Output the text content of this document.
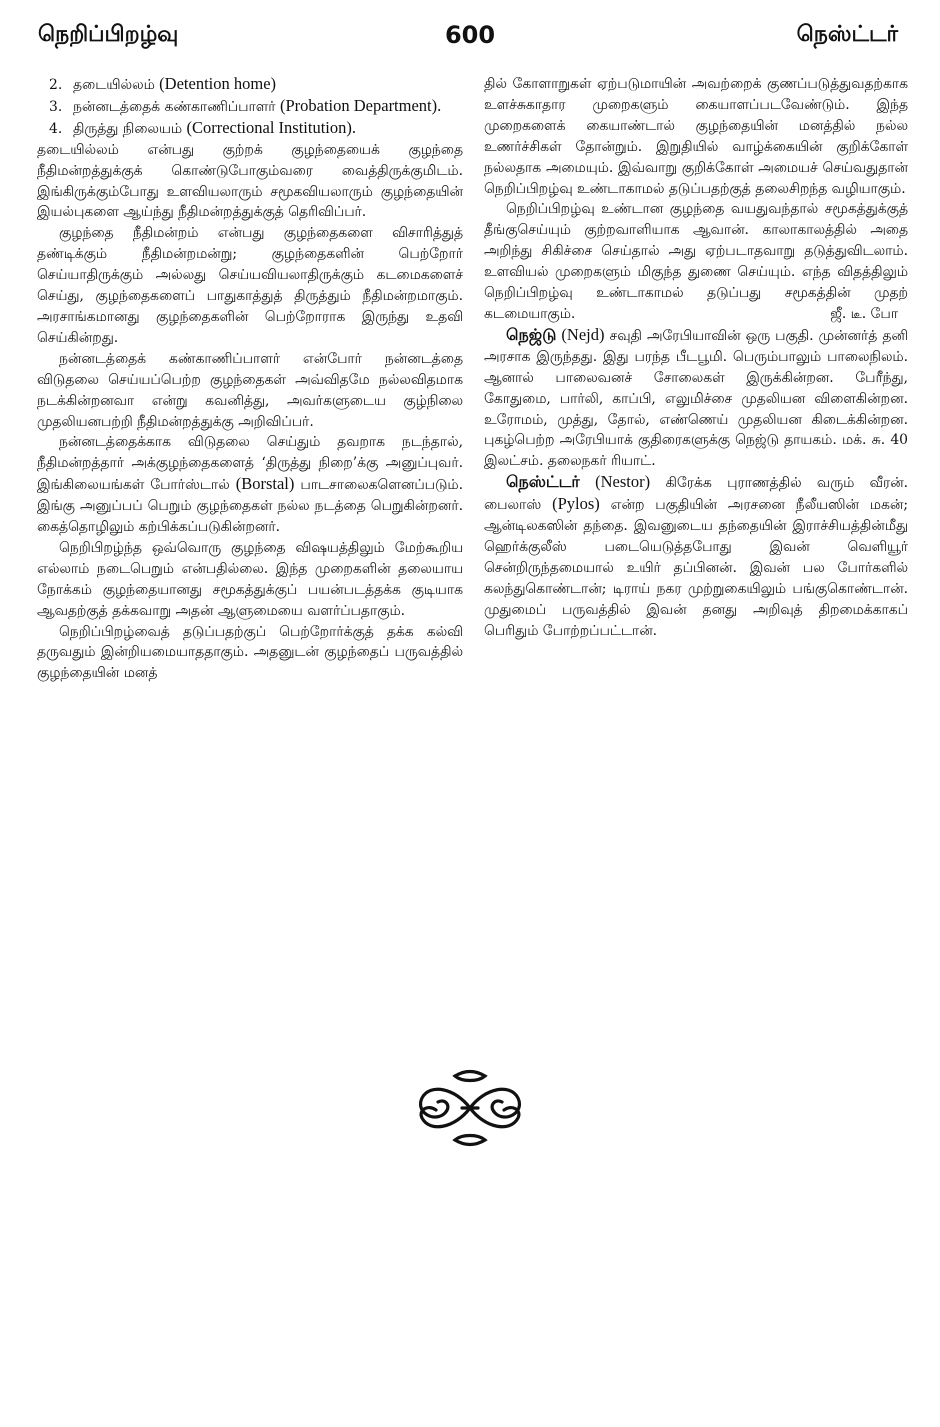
நெறிப்பிறழ்வு	600	நெஸ்ட்டர்

2. தடையில்லம் (Detention home)

3. நன்னடத்தைக் கண்காணிப்பாளர் (Probation Department).

4. திருத்து நிலையம் (Correctional Institution).

தடையில்லம் என்பது குற்றக் குழந்தையைக் குழந்தை நீதிமன்றத்துக்குக் கொண்டுபோகும்வரை வைத்திருக்குமிடம். இங்கிருக்கும்போது உளவியலாரும் சமூகவியலாரும் குழந்தையின் இயல்புகளை ஆய்ந்து நீதிமன்றத்துக்குத் தெரிவிப்பர்.

குழந்தை நீதிமன்றம் என்பது குழந்தைகளை விசாரித்துத் தண்டிக்கும் நீதிமன்றமன்று; குழந்தைகளின் பெற்றோர் செய்யாதிருக்கும் அல்லது செய்யவியலாதிருக்கும் கடமைகளைச் செய்து, குழந்தைகளைப் பாதுகாத்துத் திருத்தும் நீதிமன்றமாகும். அரசாங்கமானது குழந்தைகளின் பெற்றோராக இருந்து உதவி செய்கின்றது.

நன்னடத்தைக் கண்காணிப்பாளர் என்போர் நன்னடத்தை விடுதலை செய்யப்பெற்ற குழந்தைகள் அவ்விதமே நல்லவிதமாக நடக்கின்றனவா என்று கவனித்து, அவர்களுடைய குழ்நிலை முதலியனபற்றி நீதிமன்றத்துக்கு அறிவிப்பர்.

நன்னடத்தைக்காக விடுதலை செய்தும் தவறாக நடந்தால், நீதிமன்றத்தார் அக்குழந்தைகளைத் ‘திருத்து நிறை’க்கு அனுப்புவர். இங்கிலையங்கள் போர்ஸ்டால் (Borstal) பாடசாலைகளெனப்படும். இங்கு அனுப்பப் பெறும் குழந்தைகள் நல்ல நடத்தை பெறுகின்றனர். கைத்தொழிலும் கற்பிக்கப்படுகின்றனர்.

நெறிபிறழ்ந்த ஒவ்வொரு குழந்தை விஷயத்திலும் மேற்கூறிய எல்லாம் நடைபெறும் என்பதில்லை. இந்த முறைகளின் தலையாய நோக்கம் குழந்தையானது சமூகத்துக்குப் பயன்படத்தக்க குடியாக ஆவதற்குத் தக்கவாறு அதன் ஆளுமையை வளர்ப்பதாகும்.

நெறிப்பிறழ்வைத் தடுப்பதற்குப் பெற்றோர்க்குத் தக்க கல்வி தருவதும் இன்றியமையாததாகும். அதனுடன் குழந்தைப் பருவத்தில் குழந்தையின் மனத்

தில் கோளாறுகள் ஏற்படுமாயின் அவற்றைக் குணப்படுத்துவதற்காக உளச்சுகாதார முறைகளும் கையாளப்படவேண்டும். இந்த முறைகளைக் கையாண்டால் குழந்தையின் மனத்தில் நல்ல உணர்ச்சிகள் தோன்றும். இறுதியில் வாழ்க்கையின் குறிக்கோள் நல்லதாக அமையும். இவ்வாறு குறிக்கோள் அமையச் செய்வதுதான் நெறிப்பிறழ்வு உண்டாகாமல் தடுப்பதற்குத் தலைசிறந்த வழியாகும்.

நெறிப்பிறழ்வு உண்டான குழந்தை வயதுவந்தால் சமூகத்துக்குத் தீங்குசெய்யும் குற்றவாளியாக ஆவான். காலாகாலத்தில் அதை அறிந்து சிகிச்சை செய்தால் அது ஏற்படாதவாறு தடுத்துவிடலாம். உளவியல் முறைகளும் மிகுந்த துணை செய்யும். எந்த விதத்திலும் நெறிப்பிறழ்வு உண்டாகாமல் தடுப்பது சமூகத்தின் முதற் கடமையாகும்.	ஜீ. டீ. போ

நெஜ்டு (Nejd) சவுதி அரேபியாவின் ஒரு பகுதி. முன்னர்த் தனி அரசாக இருந்தது. இது பரந்த பீடபூமி. பெரும்பாலும் பாலைநிலம். ஆனால் பாலைவனச் சோலைகள் இருக்கின்றன. பேரீந்து, கோதுமை, பார்லி, காப்பி, எலுமிச்சை முதலியன விளைகின்றன. உரோமம், முத்து, தோல், எண்ணெய் முதலியன கிடைக்கின்றன. புகழ்பெற்ற அரேபியாக் குதிரைகளுக்கு நெஜ்டு தாயகம். மக். சு. 40 இலட்சம். தலைநகர் ரியாட்.

நெஸ்ட்டர் (Nestor) கிரேக்க புராணத்தில் வரும் வீரன். பைலாஸ் (Pylos) என்ற பகுதியின் அரசனை நீலீயஸின் மகன்; ஆன்டிலகஸின் தந்தை. இவனுடைய தந்தையின் இராச்சியத்தின்மீது ஹெர்க்குலீஸ் படையெடுத்தபோது இவன் வெளியூர் சென்றிருந்தமையால் உயிர் தப்பினன். இவன் பல போர்களில் கலந்துகொண்டான்; டிராய் நகர முற்றுகையிலும் பங்குகொண்டான். முதுமைப் பருவத்தில் இவன் தனது அறிவுத் திறமைக்காகப் பெரிதும் போற்றப்பட்டான்.
